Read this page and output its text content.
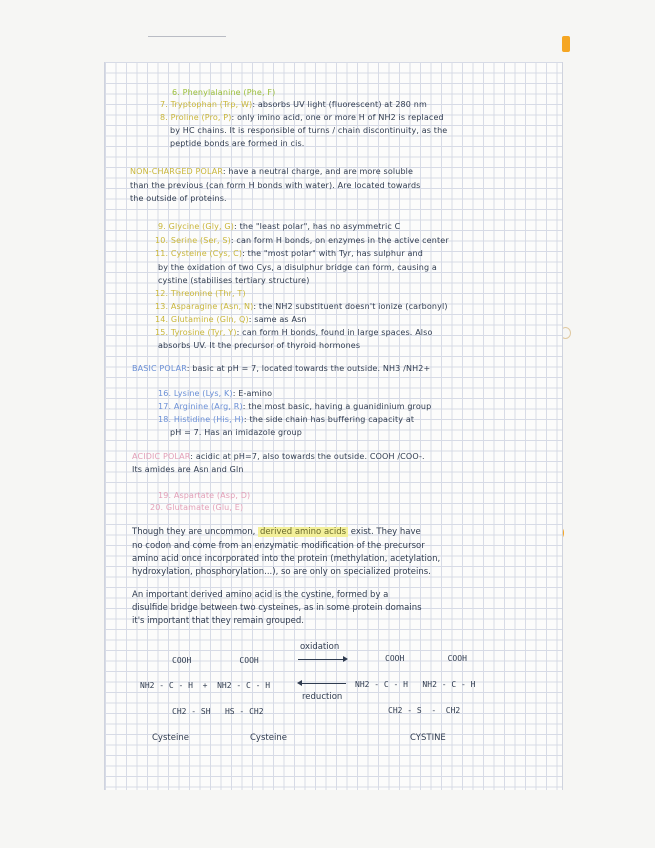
6. Phenylalanine (Phe, F)
7. Tryptophan (Trp, W): absorbs UV light (fluorescent) at 280 nm
8. Proline (Pro, P): only imino acid, one or more H of NH2 is replaced
by HC chains. It is responsible of turns / chain discontinuity, as the
peptide bonds are formed in cis.
NON-CHARGED POLAR: have a neutral charge, and are more soluble
than the previous (can form H bonds with water). Are located towards
the outside of proteins.
9. Glycine (Gly, G): the "least polar", has no asymmetric C
10. Serine (Ser, S): can form H bonds, on enzymes in the active center
11. Cysteine (Cys, C): the "most polar" with Tyr, has sulphur and
by the oxidation of two Cys, a disulphur bridge can form, causing a
cystine (stabilises tertiary structure)
12. Threonine (Thr, T)
13. Asparagine (Asn, N): the NH2 substituent doesn't ionize (carbonyl)
14. Glutamine (Gln, Q): same as Asn
15. Tyrosine (Tyr, Y): can form H bonds, found in large spaces. Also
absorbs UV. It the precursor of thyroid hormones
BASIC POLAR: basic at pH = 7, located towards the outside. NH3 /NH2+
16. Lysine (Lys, K): E-amino
17. Arginine (Arg, R): the most basic, having a guanidinium group
18. Histidine (His, H): the side chain has buffering capacity at
pH = 7. Has an imidazole group
ACIDIC POLAR: acidic at pH=7, also towards the outside. COOH /COO-.
Its amides are Asn and Gln
19. Aspartate (Asp, D)
20. Glutamate (Glu, E)
Though they are uncommon, derived amino acids exist. They have
no codon and come from an enzymatic modification of the precursor
amino acid once incorporated into the protein (methylation, acetylation,
hydroxylation, phosphorylation...), so are only on specialized proteins.
An important derived amino acid is the cystine, formed by a
disulfide bridge between two cysteines, as in some protein domains
it's important that they remain grouped.
COOH          COOH
NH2 - C - H  +  NH2 - C - H
CH2 - SH   HS - CH2
oxidation
reduction
COOH         COOH
NH2 - C - H   NH2 - C - H
CH2 - S  -  CH2
Cysteine	Cysteine	CYSTINE
